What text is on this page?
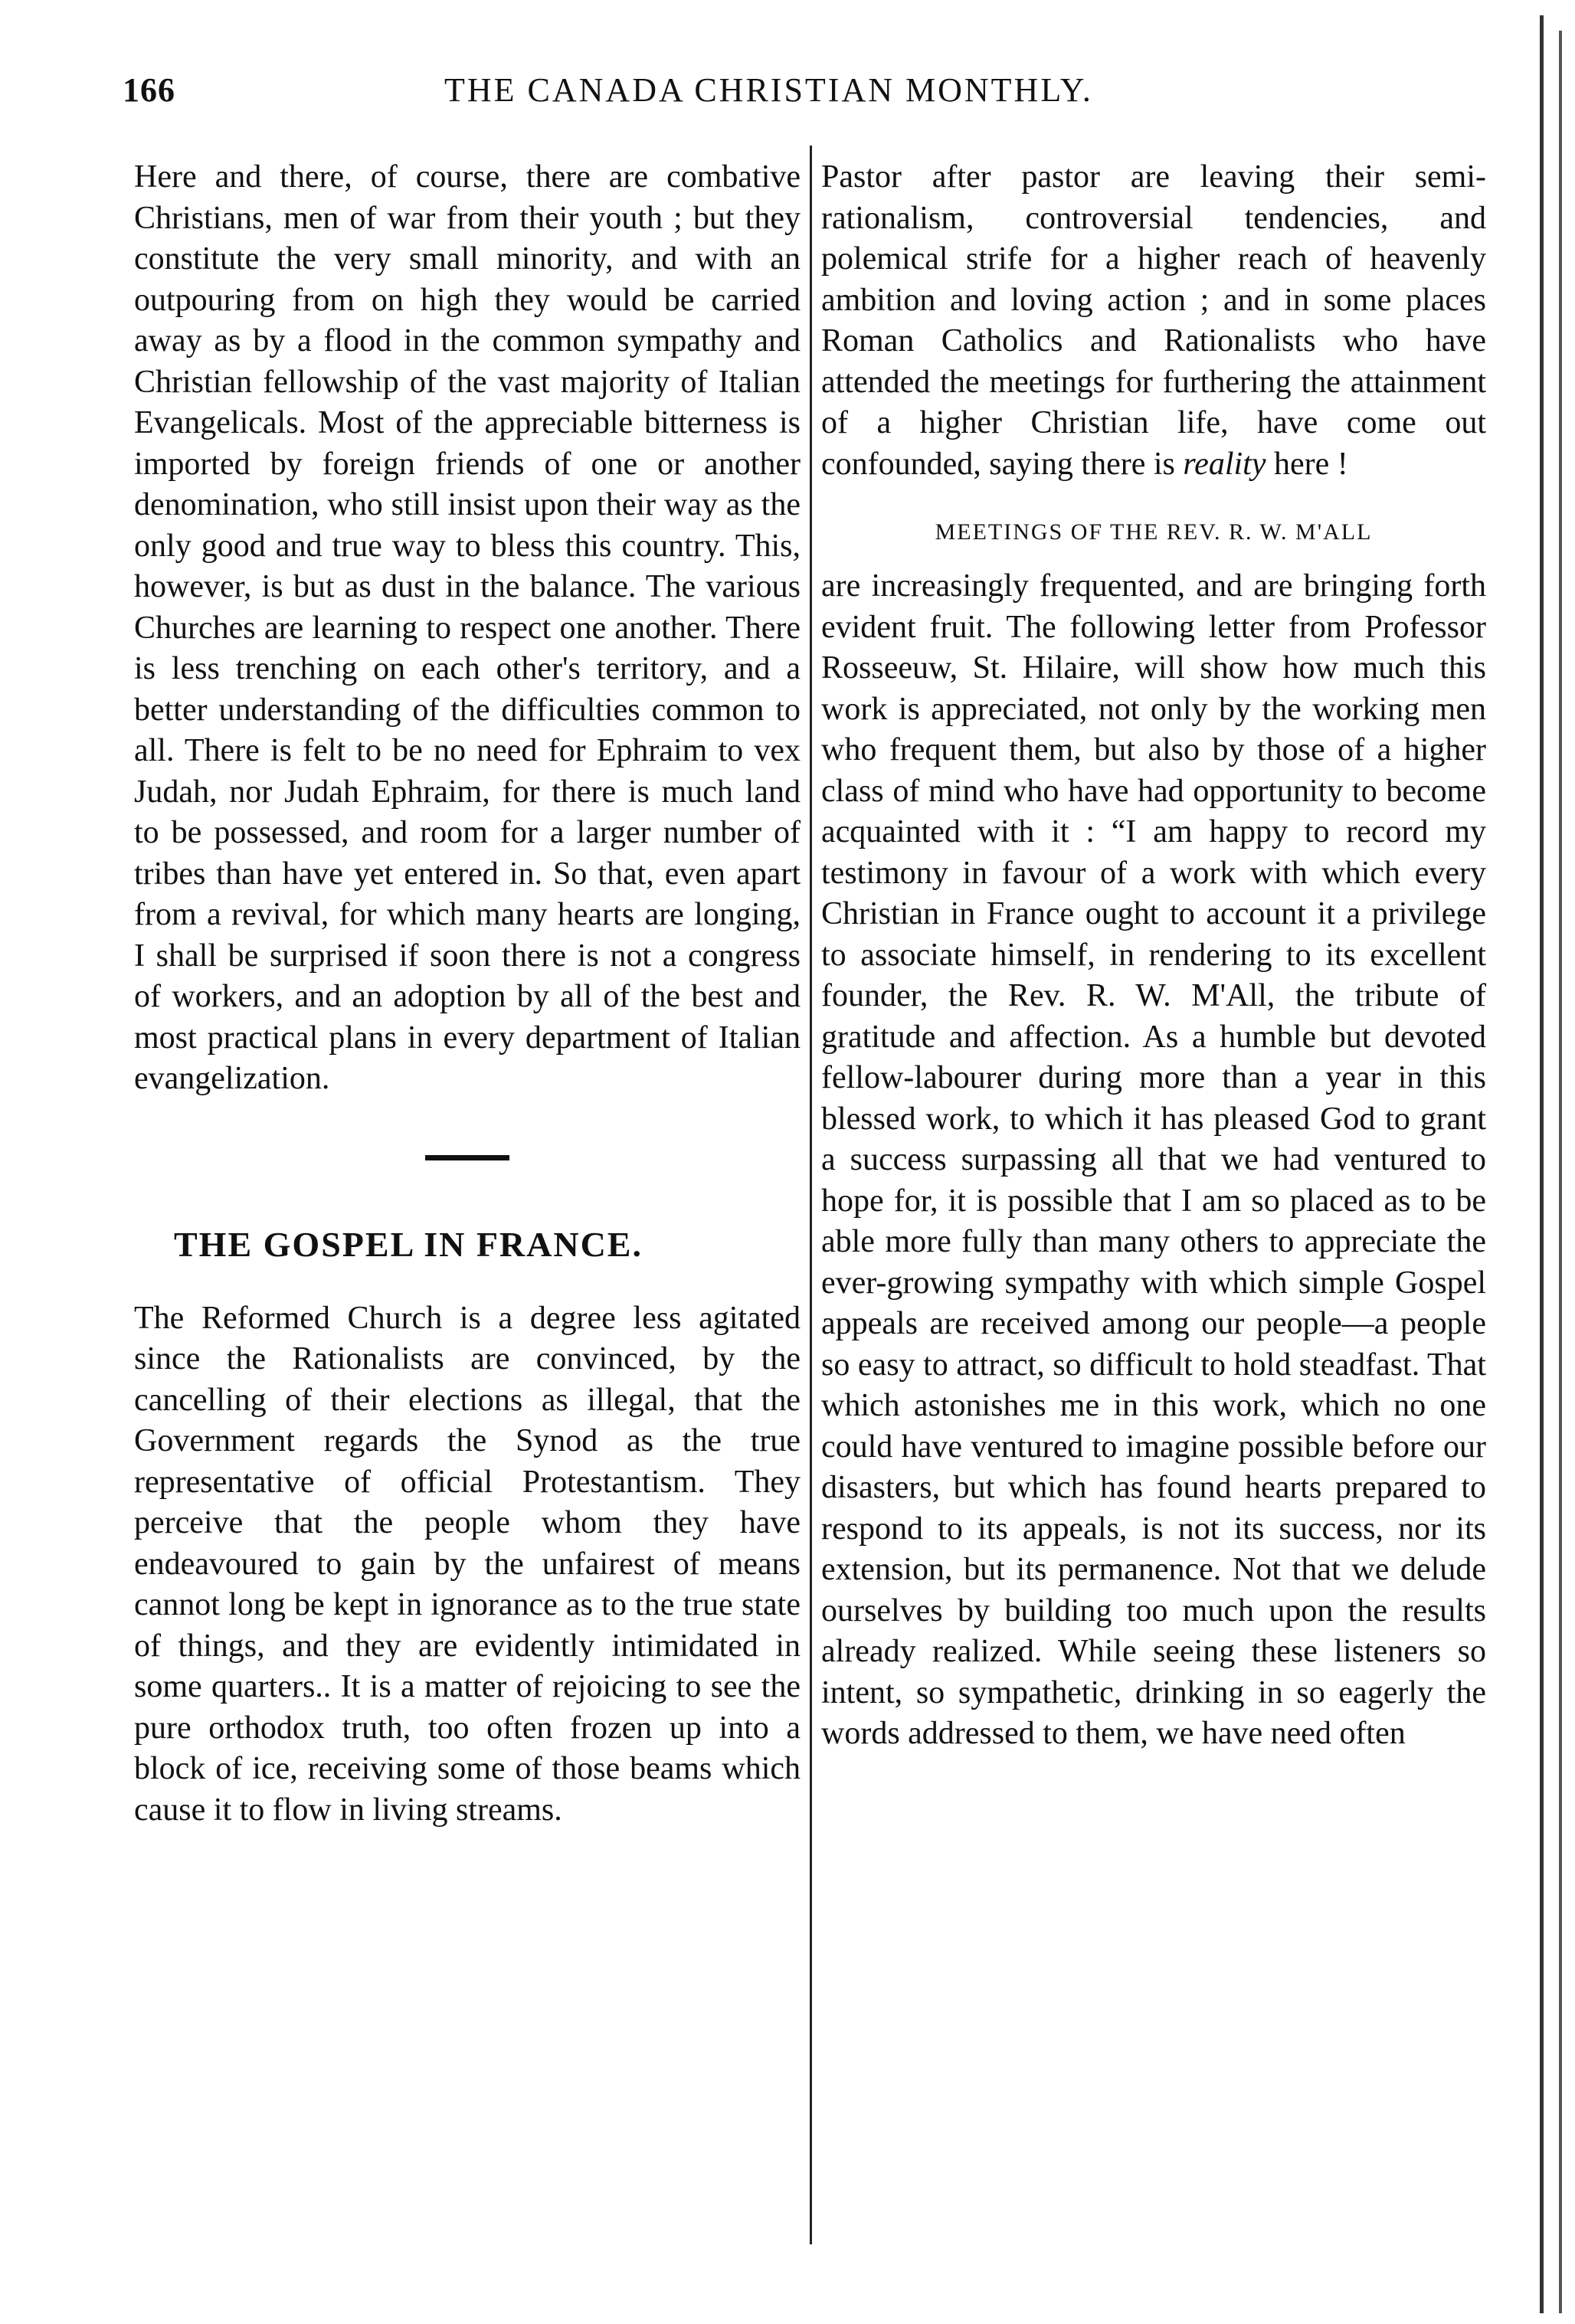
166	THE CANADA CHRISTIAN MONTHLY.

Here and there, of course, there are combative Christians, men of war from their youth ; but they constitute the very small minority, and with an outpouring from on high they would be carried away as by a flood in the common sympathy and Christian fellowship of the vast majority of Italian Evangelicals. Most of the appreciable bitterness is imported by foreign friends of one or another denomination, who still insist upon their way as the only good and true way to bless this country. This, however, is but as dust in the balance. The various Churches are learning to respect one another. There is less trenching on each other's territory, and a better understanding of the difficulties common to all. There is felt to be no need for Ephraim to vex Judah, nor Judah Ephraim, for there is much land to be possessed, and room for a larger number of tribes than have yet entered in. So that, even apart from a revival, for which many hearts are longing, I shall be surprised if soon there is not a congress of workers, and an adoption by all of the best and most practical plans in every department of Italian evangelization.

THE GOSPEL IN FRANCE.

The Reformed Church is a degree less agitated since the Rationalists are convinced, by the cancelling of their elections as illegal, that the Government regards the Synod as the true representative of official Protestantism. They perceive that the people whom they have endeavoured to gain by the unfairest of means cannot long be kept in ignorance as to the true state of things, and they are evidently intimidated in some quarters.. It is a matter of rejoicing to see the pure orthodox truth, too often frozen up into a block of ice, receiving some of those beams which cause it to flow in living streams.

Pastor after pastor are leaving their semi-rationalism, controversial tendencies, and polemical strife for a higher reach of heavenly ambition and loving action ; and in some places Roman Catholics and Rationalists who have attended the meetings for furthering the attainment of a higher Christian life, have come out confounded, saying there is reality here !

MEETINGS OF THE REV. R. W. M'ALL

are increasingly frequented, and are bringing forth evident fruit. The following letter from Professor Rosseeuw, St. Hilaire, will show how much this work is appreciated, not only by the working men who frequent them, but also by those of a higher class of mind who have had opportunity to become acquainted with it : “I am happy to record my testimony in favour of a work with which every Christian in France ought to account it a privilege to associate himself, in rendering to its excellent founder, the Rev. R. W. M'All, the tribute of gratitude and affection. As a humble but devoted fellow-labourer during more than a year in this blessed work, to which it has pleased God to grant a success surpassing all that we had ventured to hope for, it is possible that I am so placed as to be able more fully than many others to appreciate the ever-growing sympathy with which simple Gospel appeals are received among our people—a people so easy to attract, so difficult to hold steadfast. That which astonishes me in this work, which no one could have ventured to imagine possible before our disasters, but which has found hearts prepared to respond to its appeals, is not its success, nor its extension, but its permanence. Not that we delude ourselves by building too much upon the results already realized. While seeing these listeners so intent, so sympathetic, drinking in so eagerly the words addressed to them, we have need often
